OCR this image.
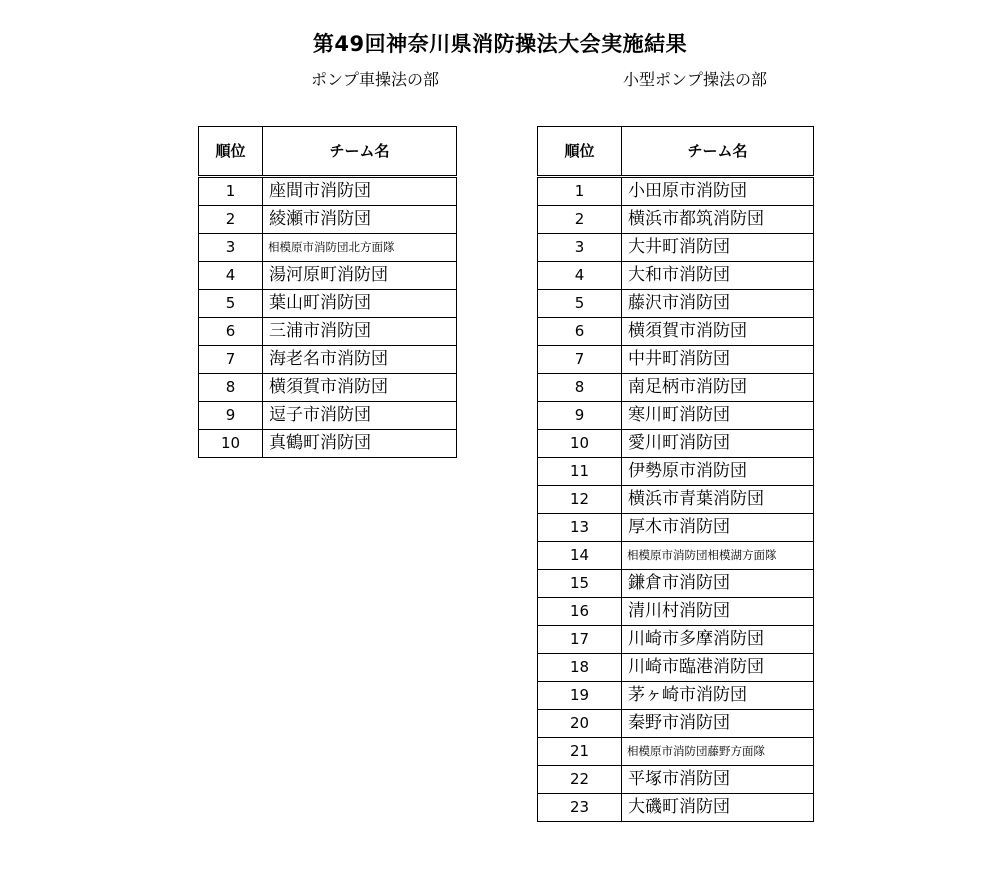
第49回神奈川県消防操法大会実施結果
ポンプ車操法の部	小型ポンプ操法の部
順位	チーム名
1	座間市消防団
2	綾瀬市消防団
3	相模原市消防団北方面隊
4	湯河原町消防団
5	葉山町消防団
6	三浦市消防団
7	海老名市消防団
8	横須賀市消防団
9	逗子市消防団
10	真鶴町消防団
順位	チーム名
1	小田原市消防団
2	横浜市都筑消防団
3	大井町消防団
4	大和市消防団
5	藤沢市消防団
6	横須賀市消防団
7	中井町消防団
8	南足柄市消防団
9	寒川町消防団
10	愛川町消防団
11	伊勢原市消防団
12	横浜市青葉消防団
13	厚木市消防団
14	相模原市消防団相模湖方面隊
15	鎌倉市消防団
16	清川村消防団
17	川崎市多摩消防団
18	川崎市臨港消防団
19	茅ヶ崎市消防団
20	秦野市消防団
21	相模原市消防団藤野方面隊
22	平塚市消防団
23	大磯町消防団
